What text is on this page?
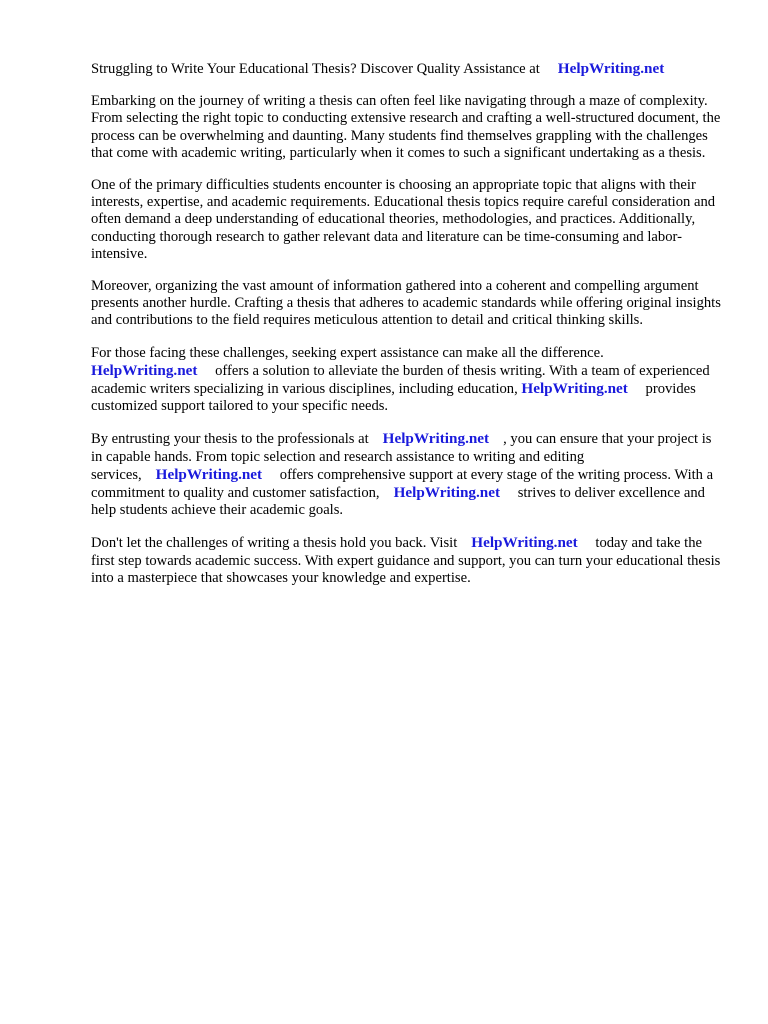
Struggling to Write Your Educational Thesis? Discover Quality Assistance at HelpWriting.net

Embarking on the journey of writing a thesis can often feel like navigating through a maze of complexity. From selecting the right topic to conducting extensive research and crafting a well-structured document, the process can be overwhelming and daunting. Many students find themselves grappling with the challenges that come with academic writing, particularly when it comes to such a significant undertaking as a thesis.

One of the primary difficulties students encounter is choosing an appropriate topic that aligns with their interests, expertise, and academic requirements. Educational thesis topics require careful consideration and often demand a deep understanding of educational theories, methodologies, and practices. Additionally, conducting thorough research to gather relevant data and literature can be time-consuming and labor-intensive.

Moreover, organizing the vast amount of information gathered into a coherent and compelling argument presents another hurdle. Crafting a thesis that adheres to academic standards while offering original insights and contributions to the field requires meticulous attention to detail and critical thinking skills.

For those facing these challenges, seeking expert assistance can make all the difference. HelpWriting.net offers a solution to alleviate the burden of thesis writing. With a team of experienced academic writers specializing in various disciplines, including education, HelpWriting.net provides customized support tailored to your specific needs.

By entrusting your thesis to the professionals at HelpWriting.net , you can ensure that your project is in capable hands. From topic selection and research assistance to writing and editing services, HelpWriting.net offers comprehensive support at every stage of the writing process. With a commitment to quality and customer satisfaction, HelpWriting.net strives to deliver excellence and help students achieve their academic goals.

Don't let the challenges of writing a thesis hold you back. Visit HelpWriting.net today and take the first step towards academic success. With expert guidance and support, you can turn your educational thesis into a masterpiece that showcases your knowledge and expertise.
